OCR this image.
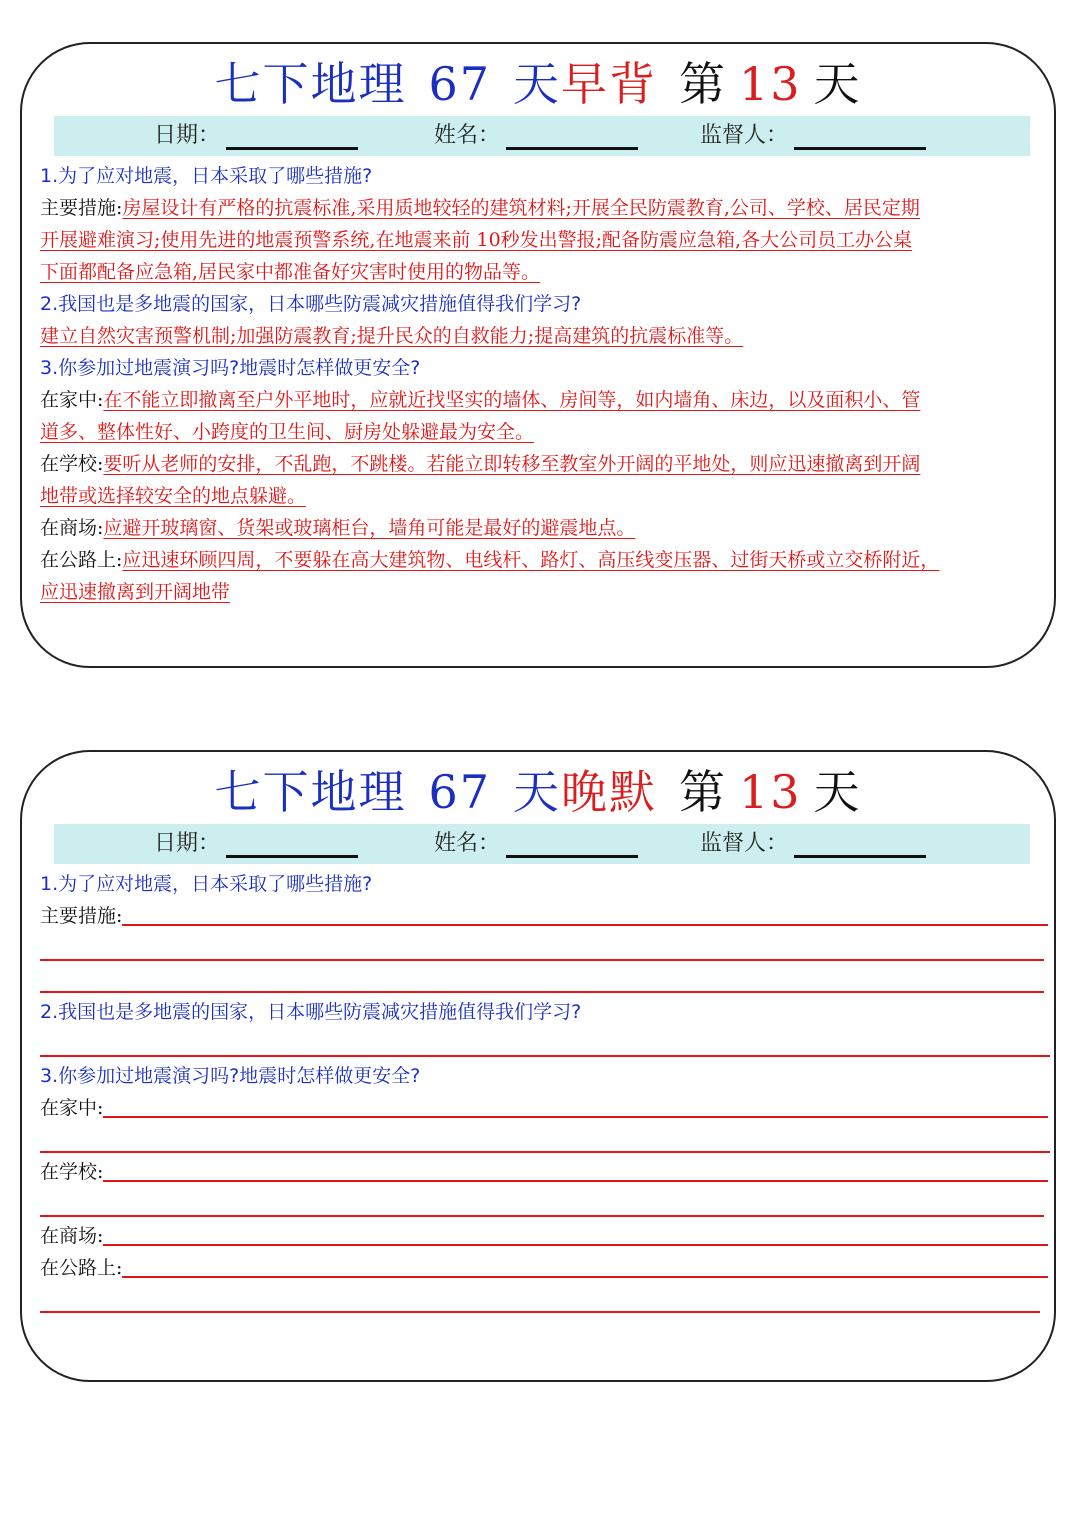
七下地理 67 天早背 第 13 天
日期：	姓名：	监督人：
1.为了应对地震，日本采取了哪些措施?
主要措施:房屋设计有严格的抗震标准,采用质地较轻的建筑材料;开展全民防震教育,公司、学校、居民定期
开展避难演习;使用先进的地震预警系统,在地震来前 10秒发出警报;配备防震应急箱,各大公司员工办公桌
下面都配备应急箱,居民家中都准备好灾害时使用的物品等。
2.我国也是多地震的国家，日本哪些防震减灾措施值得我们学习?
建立自然灾害预警机制;加强防震教育;提升民众的自救能力;提高建筑的抗震标准等。
3.你参加过地震演习吗?地震时怎样做更安全?
在家中:在不能立即撤离至户外平地时，应就近找坚实的墙体、房间等，如内墙角、床边，以及面积小、管
道多、整体性好、小跨度的卫生间、厨房处躲避最为安全。
在学校:要听从老师的安排，不乱跑，不跳楼。若能立即转移至教室外开阔的平地处，则应迅速撤离到开阔
地带或选择较安全的地点躲避。
在商场:应避开玻璃窗、货架或玻璃柜台，墙角可能是最好的避震地点。
在公路上:应迅速环顾四周，不要躲在高大建筑物、电线杆、路灯、高压线变压器、过街天桥或立交桥附近，
应迅速撤离到开阔地带
七下地理 67 天晚默 第 13 天
日期：	姓名：	监督人：
1.为了应对地震，日本采取了哪些措施?
主要措施:
2.我国也是多地震的国家，日本哪些防震减灾措施值得我们学习?
3.你参加过地震演习吗?地震时怎样做更安全?
在家中:
在学校:
在商场:
在公路上:
